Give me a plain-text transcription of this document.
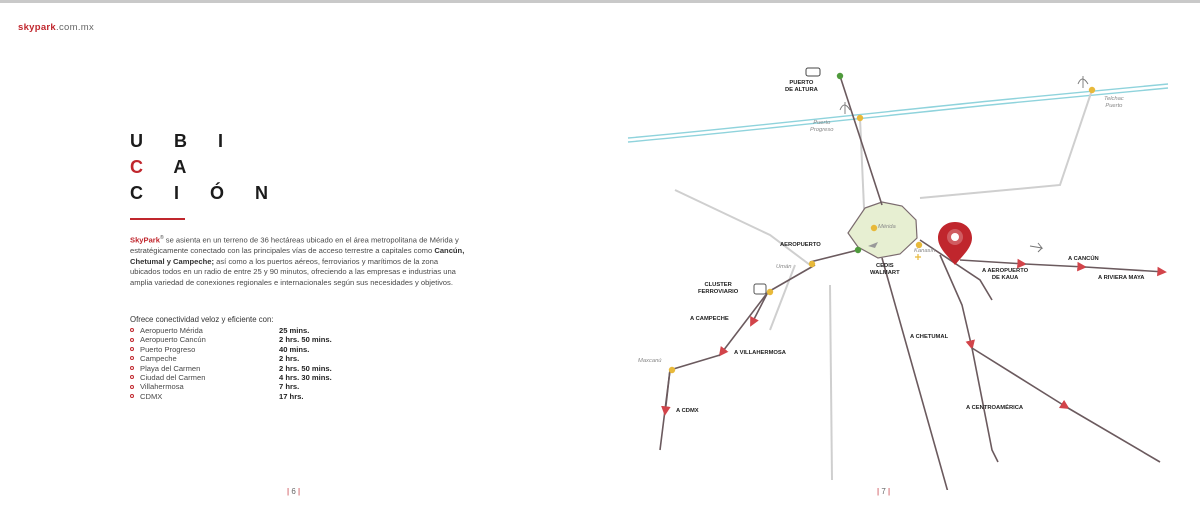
skypark.com.mx
U B I
C A
C I Ó N
SkyPark® se asienta en un terreno de 36 hectáreas ubicado en el área metropolitana de Mérida y estratégicamente conectado con las principales vías de acceso terrestre a capitales como Cancún, Chetumal y Campeche; así como a los puertos aéreos, ferroviarios y marítimos de la zona ubicados todos en un radio de entre 25 y 90 minutos, ofreciendo a las empresas e industrias una amplia variedad de conexiones regionales e internacionales según sus necesidades y objetivos.
Ofrece conectividad veloz y eficiente con:
Aeropuerto Mérida	25 mins.
Aeropuerto Cancún	2 hrs. 50 mins.
Puerto Progreso	40 mins.
Campeche	2 hrs.
Playa del Carmen	2 hrs. 50 mins.
Ciudad del Carmen	4 hrs. 30 mins.
Villahermosa	7 hrs.
CDMX	17 hrs.
| 6 |	| 7 |
PUERTO
DE ALTURA
Puerto
Progreso
Telchac
Puerto
Mérida
Kanasín
AEROPUERTO
Umán	CEDIS
WALMART
CLUSTER
FERROVIARIO
A CAMPECHE
A VILLAHERMOSA
Maxcanú
A CDMX
A CHETUMAL
A CENTROAMÉRICA
A CANCÚN
A AEROPUERTO
DE KAUA	A RIVIERA MAYA
